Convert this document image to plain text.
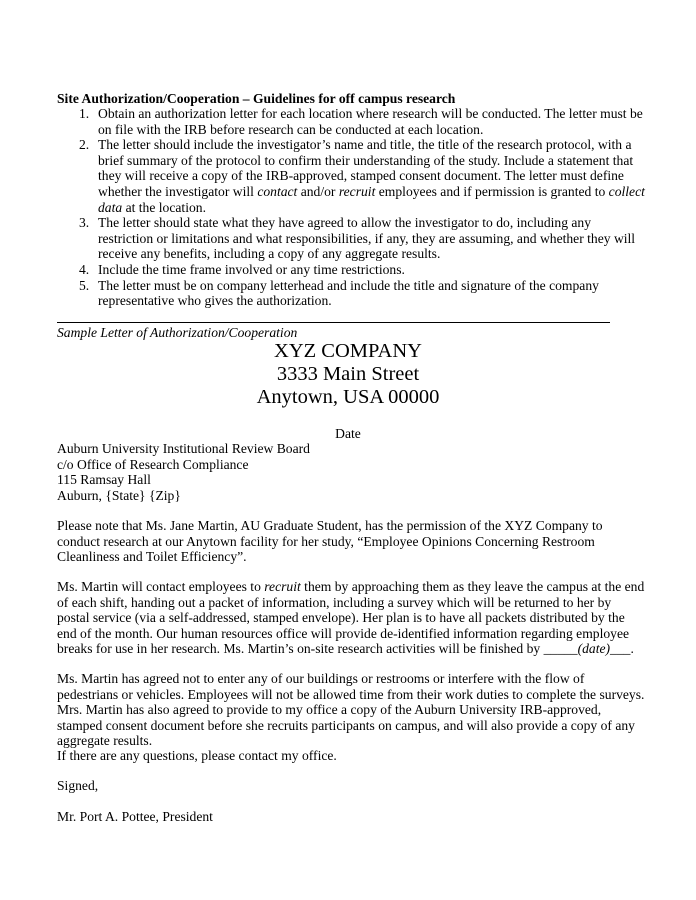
Site Authorization/Cooperation – Guidelines for off campus research
1. Obtain an authorization letter for each location where research will be conducted. The letter must be on file with the IRB before research can be conducted at each location.
2. The letter should include the investigator’s name and title, the title of the research protocol, with a brief summary of the protocol to confirm their understanding of the study. Include a statement that they will receive a copy of the IRB-approved, stamped consent document. The letter must define whether the investigator will contact and/or recruit employees and if permission is granted to collect data at the location.
3. The letter should state what they have agreed to allow the investigator to do, including any restriction or limitations and what responsibilities, if any, they are assuming, and whether they will receive any benefits, including a copy of any aggregate results.
4. Include the time frame involved or any time restrictions.
5. The letter must be on company letterhead and include the title and signature of the company representative who gives the authorization.
Sample Letter of Authorization/Cooperation
XYZ COMPANY
3333 Main Street
Anytown, USA 00000
Date
Auburn University Institutional Review Board
c/o Office of Research Compliance
115 Ramsay Hall
Auburn, {State} {Zip}
Please note that Ms. Jane Martin, AU Graduate Student, has the permission of the XYZ Company to conduct research at our Anytown facility for her study, “Employee Opinions Concerning Restroom Cleanliness and Toilet Efficiency”.
Ms. Martin will contact employees to recruit them by approaching them as they leave the campus at the end of each shift, handing out a packet of information, including a survey which will be returned to her by postal service (via a self-addressed, stamped envelope). Her plan is to have all packets distributed by the end of the month. Our human resources office will provide de-identified information regarding employee breaks for use in her research. Ms. Martin’s on-site research activities will be finished by _____(date)___.
Ms. Martin has agreed not to enter any of our buildings or restrooms or interfere with the flow of pedestrians or vehicles. Employees will not be allowed time from their work duties to complete the surveys. Mrs. Martin has also agreed to provide to my office a copy of the Auburn University IRB-approved, stamped consent document before she recruits participants on campus, and will also provide a copy of any aggregate results.
If there are any questions, please contact my office.
Signed,
Mr. Port A. Pottee, President
